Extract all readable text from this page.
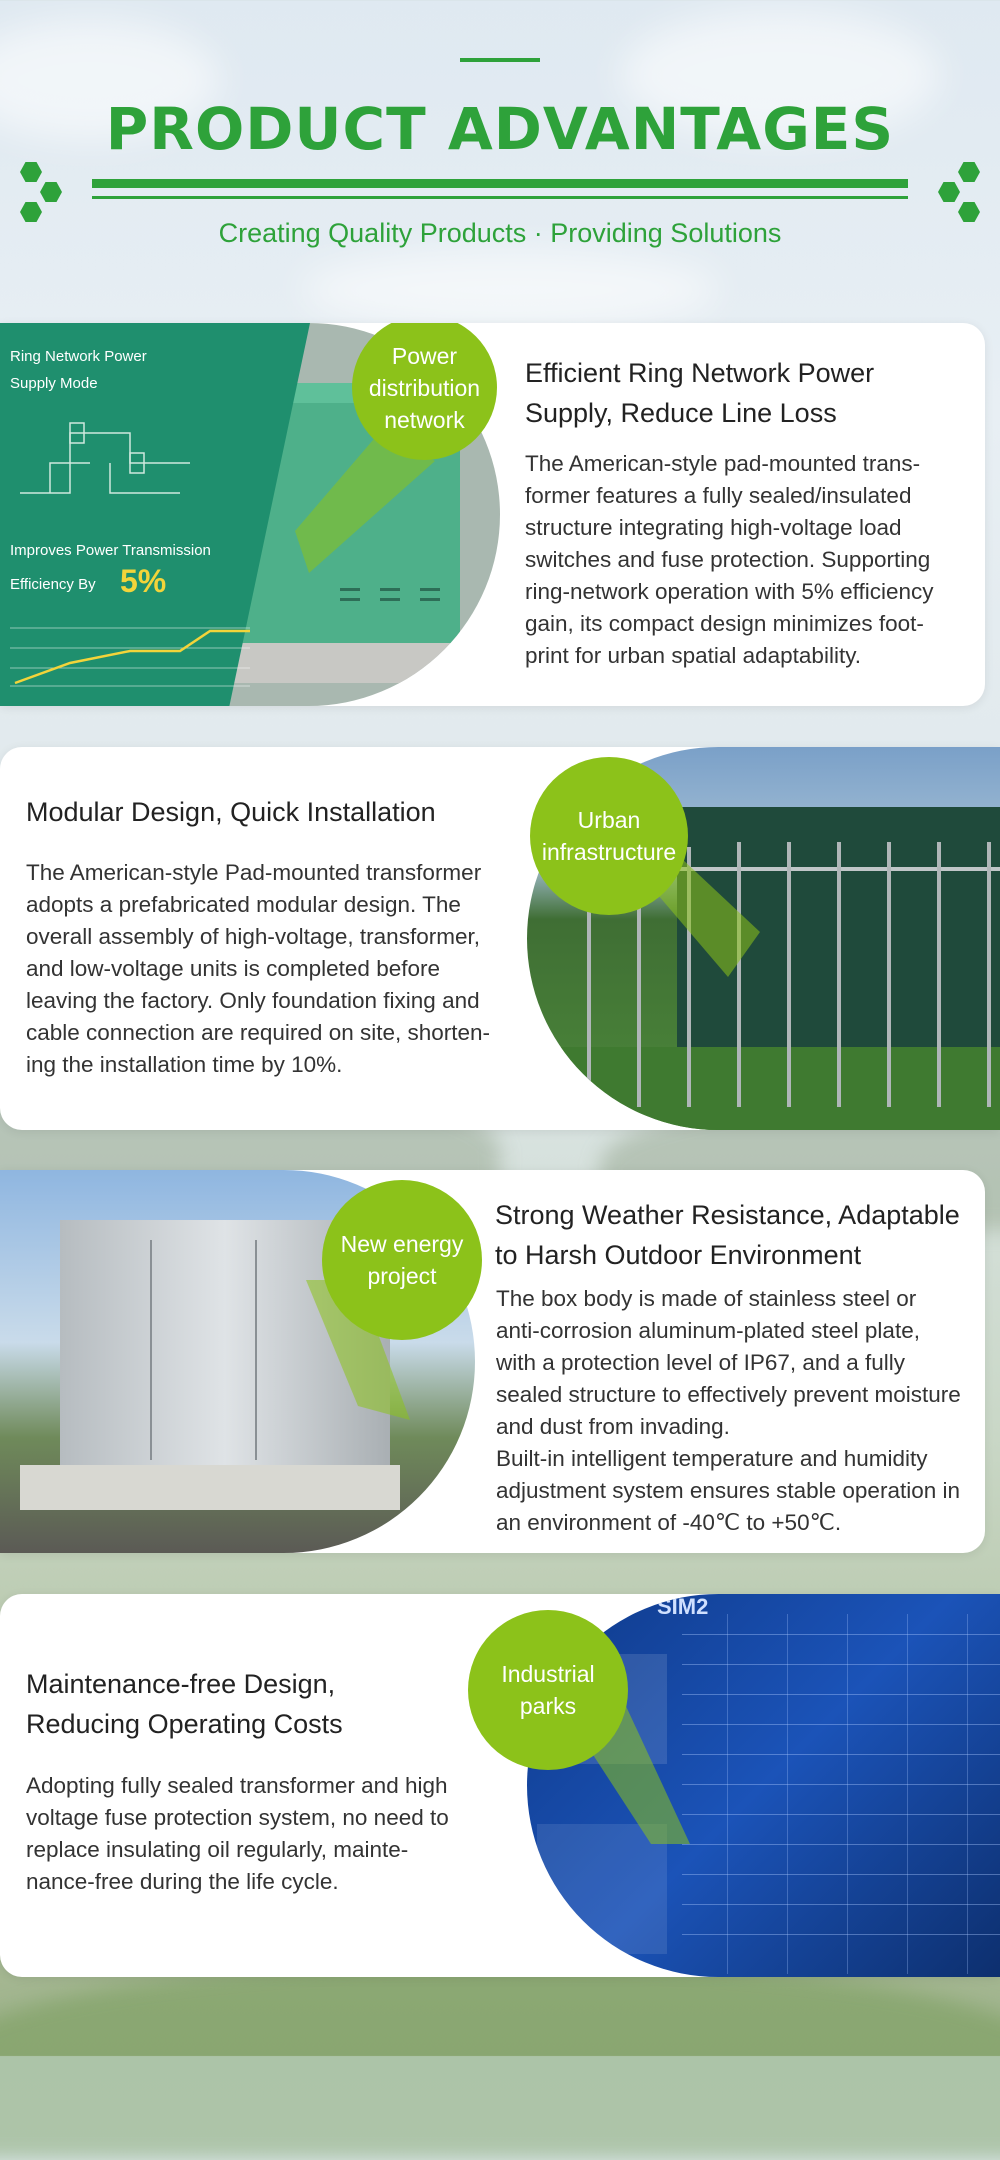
PRODUCT ADVANTAGES
Creating Quality Products · Providing Solutions
Ring Network Power
Supply Mode
Improves Power Transmission
Efficiency By 5%
Power
distribution
network
Efficient Ring Network Power
Supply, Reduce Line Loss
The American-style pad-mounted trans-
former features a fully sealed/insulated
structure integrating high-voltage load
switches and fuse protection. Supporting
ring-network operation with 5% efficiency
gain, its compact design minimizes foot-
print for urban spatial adaptability.
Modular Design, Quick Installation
The American-style Pad-mounted transformer
adopts a prefabricated modular design. The
overall assembly of high-voltage, transformer,
and low-voltage units is completed before
leaving the factory. Only foundation fixing and
cable connection are required on site, shorten-
ing the installation time by 10%.
Urban
infrastructure
New energy
project
Strong Weather Resistance, Adaptable
to Harsh Outdoor Environment
The box body is made of stainless steel or
anti-corrosion aluminum-plated steel plate,
with a protection level of IP67, and a fully
sealed structure to effectively prevent moisture
and dust from invading.
Built-in intelligent temperature and humidity
adjustment system ensures stable operation in
an environment of -40℃ to +50℃.
Maintenance-free Design,
Reducing Operating Costs
Adopting fully sealed transformer and high
voltage fuse protection system, no need to
replace insulating oil regularly, mainte-
nance-free during the life cycle.
SIM2
Industrial
parks
